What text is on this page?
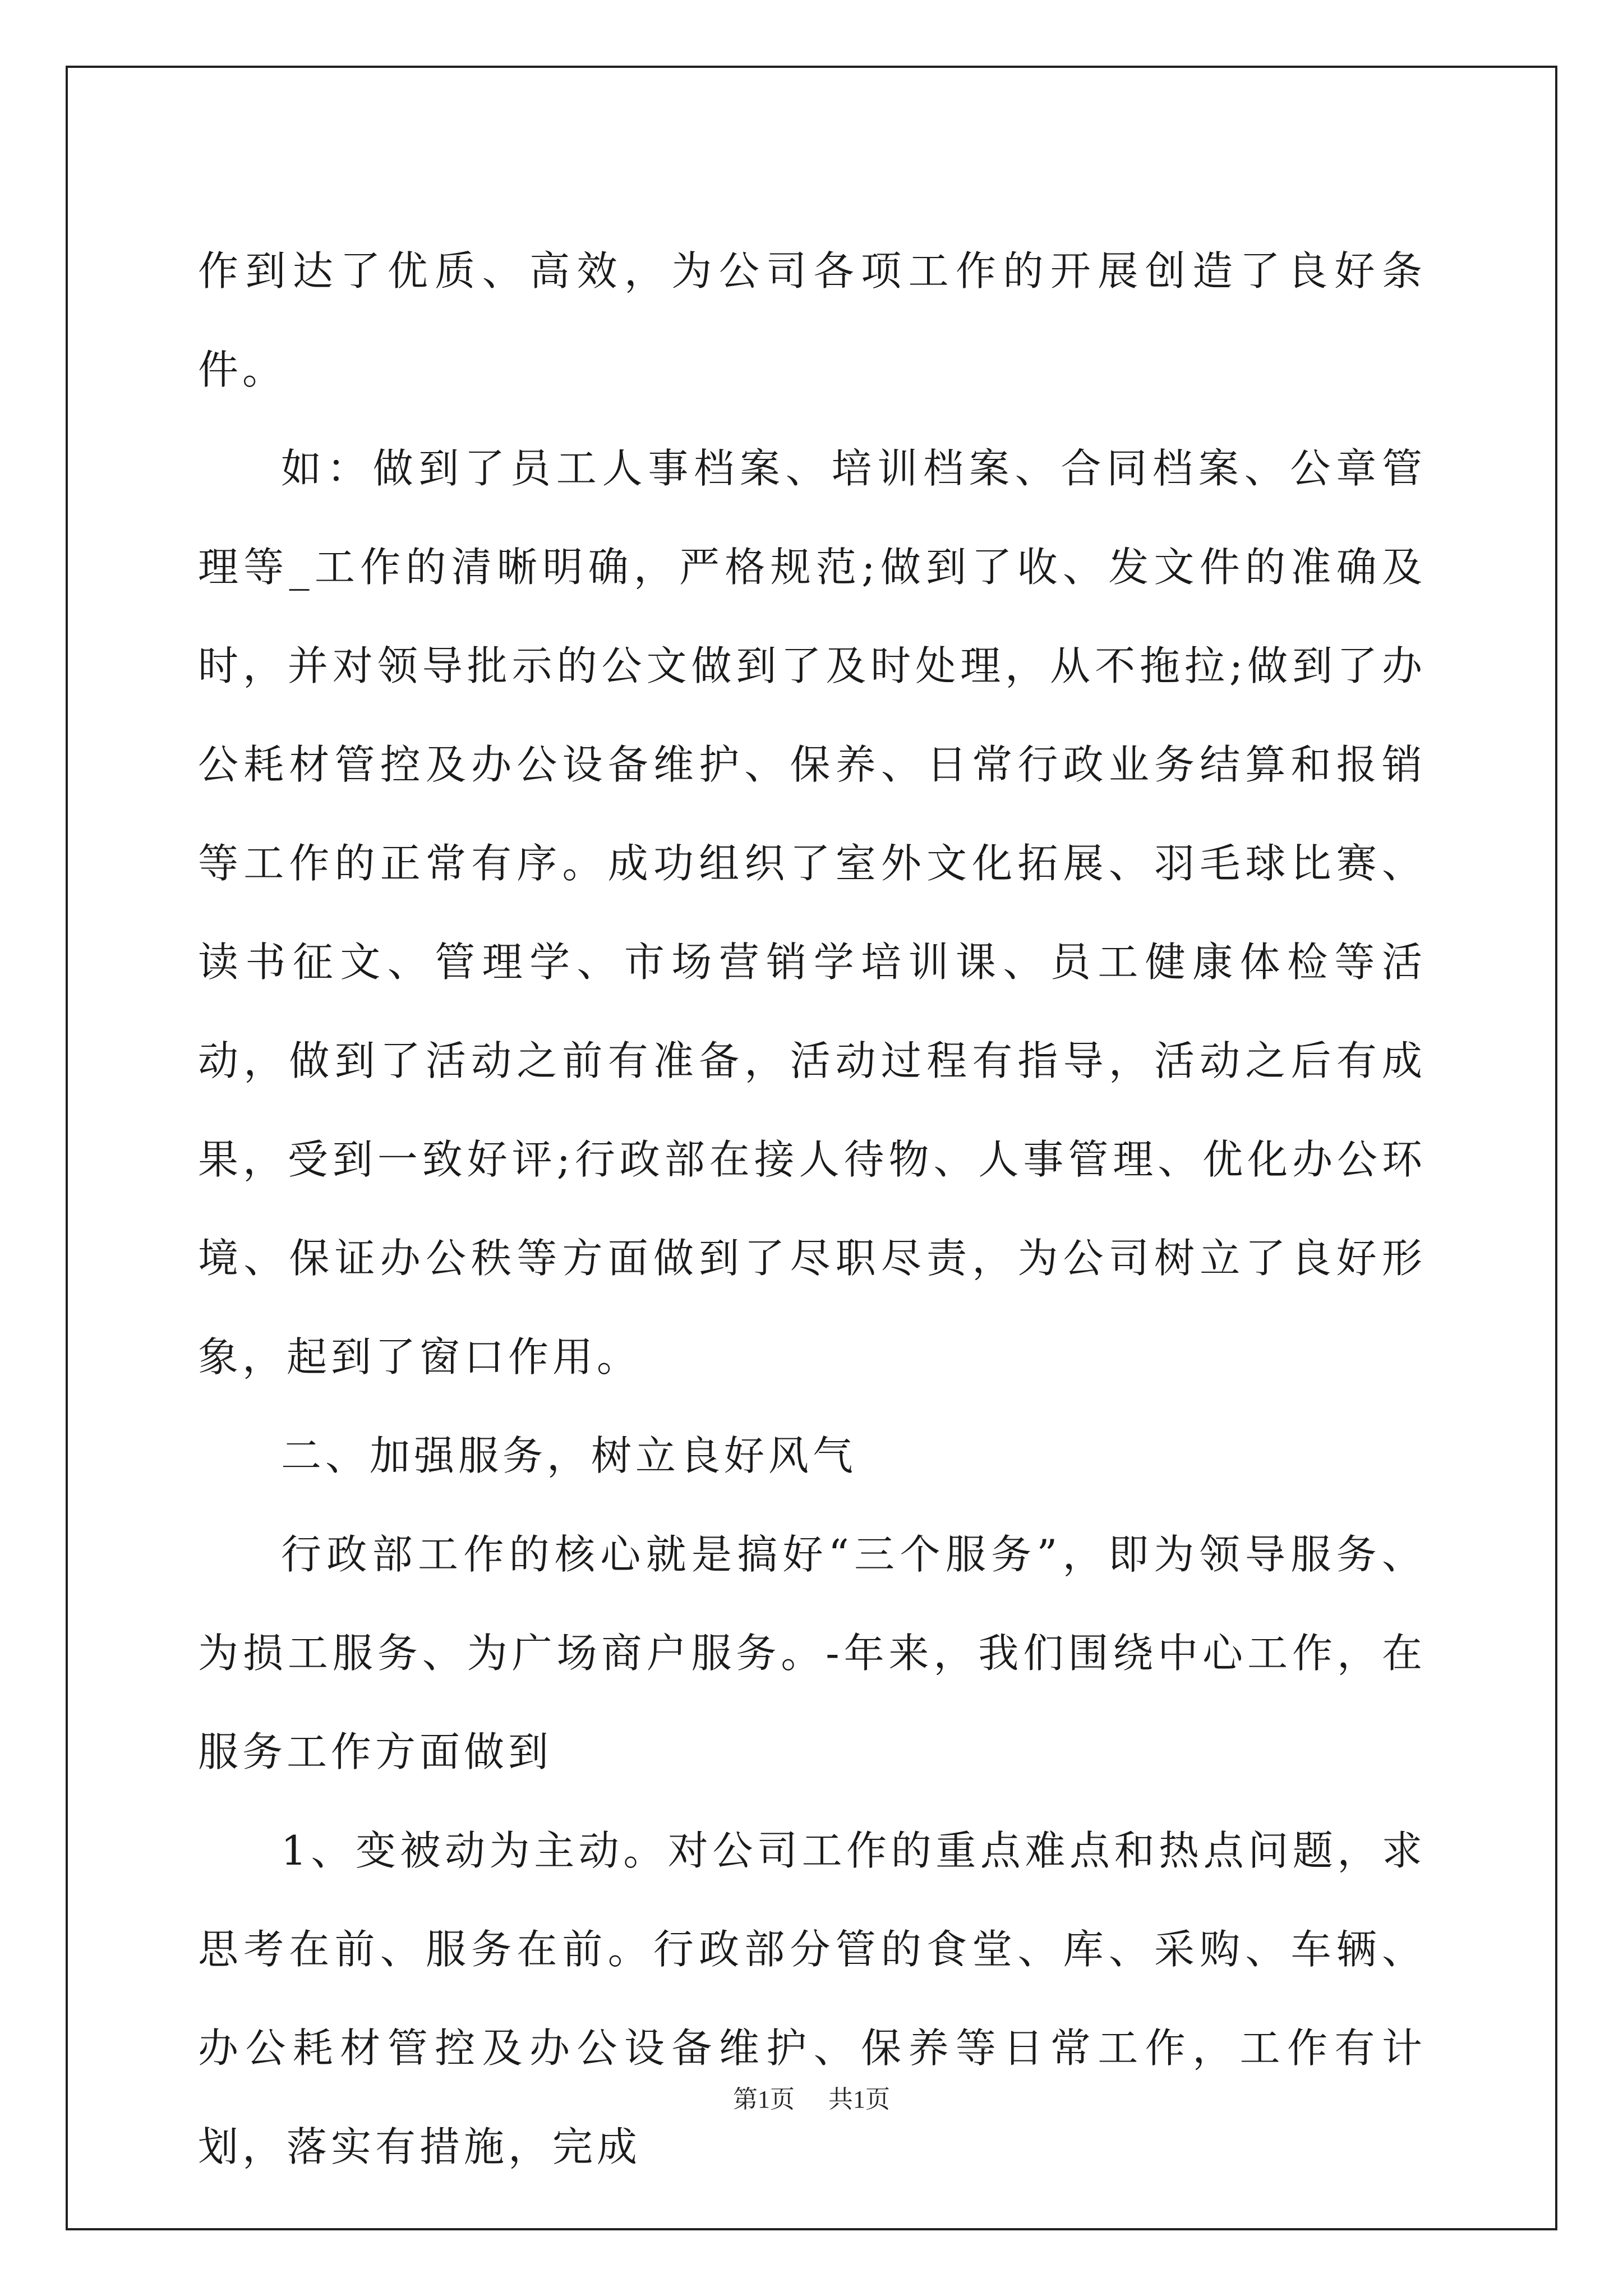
作到达了优质、高效，为公司各项工作的开展创造了良好条件。

如：做到了员工人事档案、培训档案、合同档案、公章管理等_工作的清晰明确，严格规范;做到了收、发文件的准确及时，并对领导批示的公文做到了及时处理，从不拖拉;做到了办公耗材管控及办公设备维护、保养、日常行政业务结算和报销等工作的正常有序。成功组织了室外文化拓展、羽毛球比赛、读书征文、管理学、市场营销学培训课、员工健康体检等活动，做到了活动之前有准备，活动过程有指导，活动之后有成果，受到一致好评;行政部在接人待物、人事管理、优化办公环境、保证办公秩等方面做到了尽职尽责，为公司树立了良好形象，起到了窗口作用。

二、加强服务，树立良好风气

行政部工作的核心就是搞好“三个服务”，即为领导服务、为损工服务、为广场商户服务。-年来，我们围绕中心工作，在服务工作方面做到

1、变被动为主动。对公司工作的重点难点和热点问题，求思考在前、服务在前。行政部分管的食堂、库、采购、车辆、办公耗材管控及办公设备维护、保养等日常工作，工作有计划，落实有措施，完成

第1页 共1页
